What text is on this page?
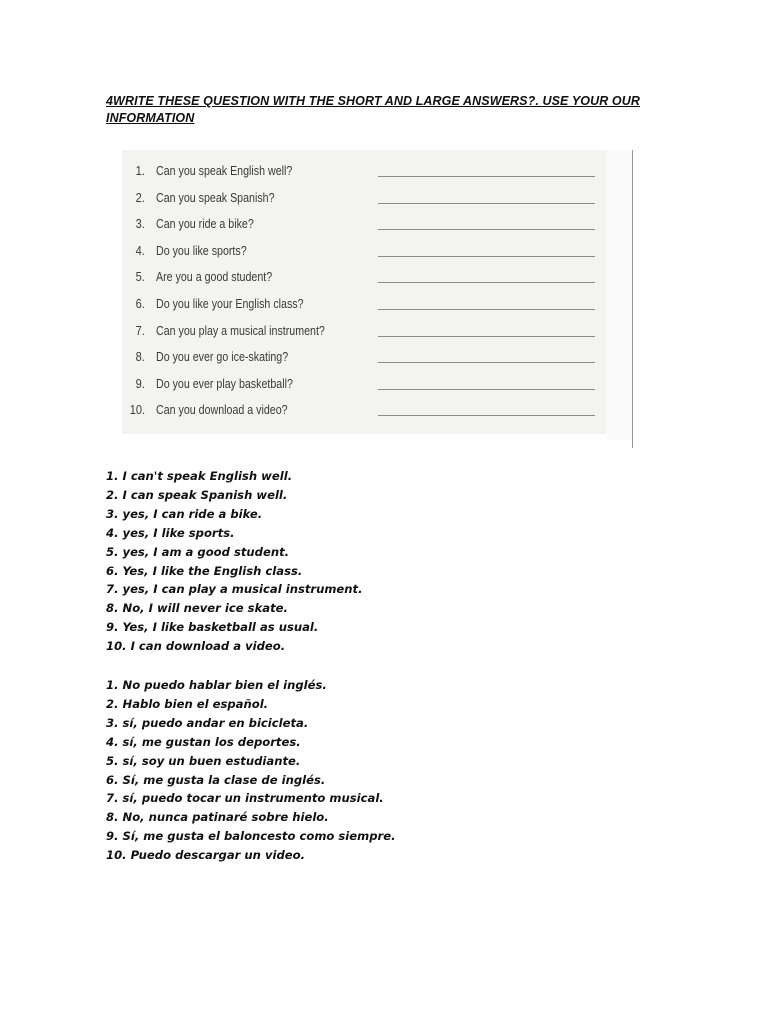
4WRITE THESE QUESTION WITH THE SHORT AND LARGE ANSWERS?. USE YOUR OUR INFORMATION

1. Can you speak English well?
2. Can you speak Spanish?
3. Can you ride a bike?
4. Do you like sports?
5. Are you a good student?
6. Do you like your English class?
7. Can you play a musical instrument?
8. Do you ever go ice-skating?
9. Do you ever play basketball?
10. Can you download a video?
1. I can't speak English well.
2. I can speak Spanish well.
3. yes, I can ride a bike.
4. yes, I like sports.
5. yes, I am a good student.
6. Yes, I like the English class.
7. yes, I can play a musical instrument.
8. No, I will never ice skate.
9. Yes, I like basketball as usual.
10. I can download a video.
1. No puedo hablar bien el inglés.
2. Hablo bien el español.
3. sí, puedo andar en bicicleta.
4. sí, me gustan los deportes.
5. sí, soy un buen estudiante.
6. Sí, me gusta la clase de inglés.
7. sí, puedo tocar un instrumento musical.
8. No, nunca patinaré sobre hielo.
9. Sí, me gusta el baloncesto como siempre.
10. Puedo descargar un video.
